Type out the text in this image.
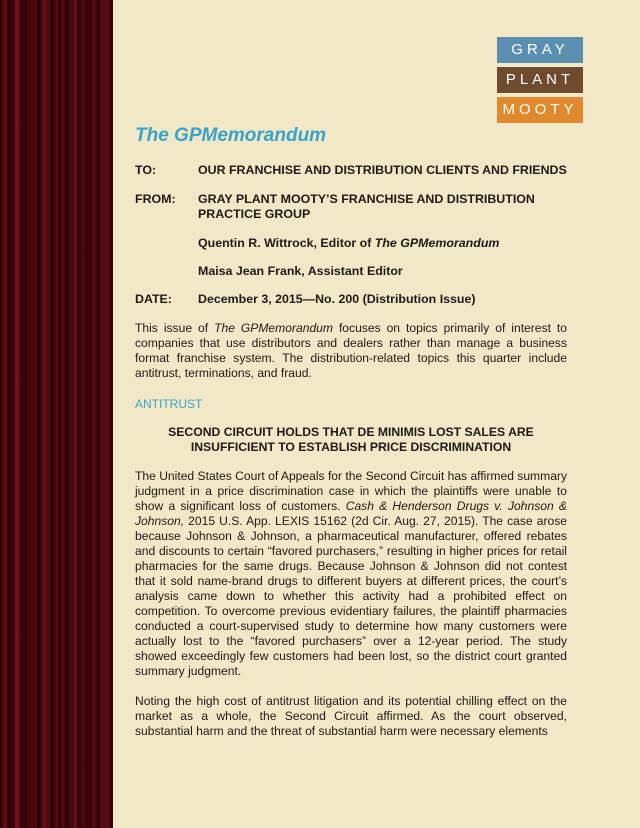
GRAY
PLANT
MOOTY
The GPMemorandum
TO:	OUR FRANCHISE AND DISTRIBUTION CLIENTS AND FRIENDS
FROM:	GRAY PLANT MOOTY’S FRANCHISE AND DISTRIBUTION PRACTICE GROUP
Quentin R. Wittrock, Editor of The GPMemorandum
Maisa Jean Frank, Assistant Editor
DATE:	December 3, 2015—No. 200 (Distribution Issue)

This issue of The GPMemorandum focuses on topics primarily of interest to companies that use distributors and dealers rather than manage a business format franchise system. The distribution-related topics this quarter include antitrust, terminations, and fraud.

ANTITRUST
SECOND CIRCUIT HOLDS THAT DE MINIMIS LOST SALES ARE
INSUFFICIENT TO ESTABLISH PRICE DISCRIMINATION

The United States Court of Appeals for the Second Circuit has affirmed summary judgment in a price discrimination case in which the plaintiffs were unable to show a significant loss of customers. Cash & Henderson Drugs v. Johnson & Johnson, 2015 U.S. App. LEXIS 15162 (2d Cir. Aug. 27, 2015). The case arose because Johnson & Johnson, a pharmaceutical manufacturer, offered rebates and discounts to certain “favored purchasers,” resulting in higher prices for retail pharmacies for the same drugs. Because Johnson & Johnson did not contest that it sold name-brand drugs to different buyers at different prices, the court’s analysis came down to whether this activity had a prohibited effect on competition. To overcome previous evidentiary failures, the plaintiff pharmacies conducted a court-supervised study to determine how many customers were actually lost to the “favored purchasers” over a 12-year period. The study showed exceedingly few customers had been lost, so the district court granted summary judgment.

Noting the high cost of antitrust litigation and its potential chilling effect on the market as a whole, the Second Circuit affirmed. As the court observed, substantial harm and the threat of substantial harm were necessary elements
